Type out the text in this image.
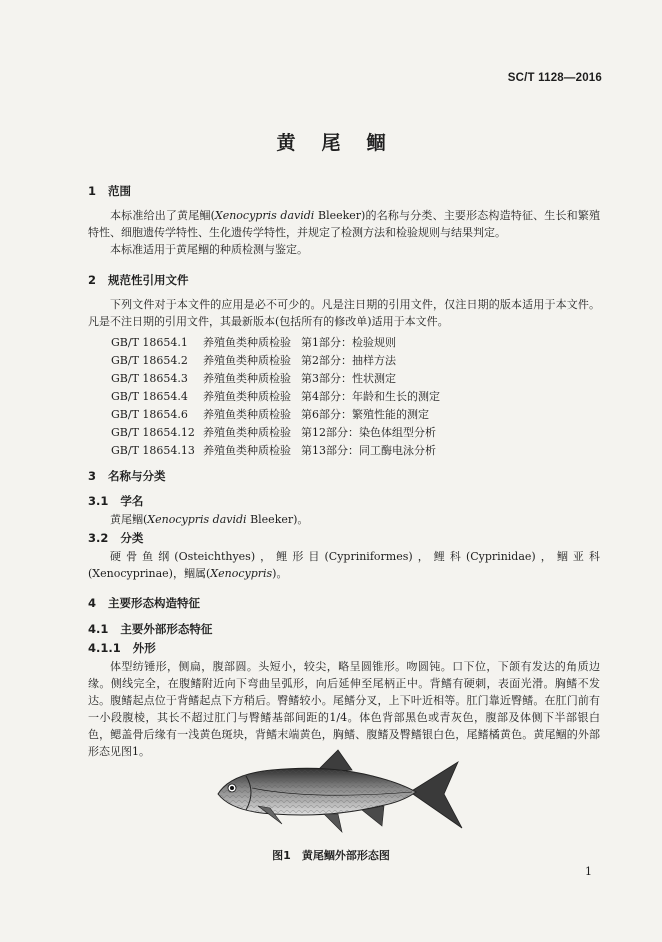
SC/T 1128—2016
黄尾鲴
1 范围
本标准给出了黄尾鲴(Xenocypris davidi Bleeker)的名称与分类、主要形态构造特征、生长和繁殖特性、细胞遗传学特性、生化遗传学特性，并规定了检测方法和检验规则与结果判定。
本标准适用于黄尾鲴的种质检测与鉴定。
2 规范性引用文件
下列文件对于本文件的应用是必不可少的。凡是注日期的引用文件，仅注日期的版本适用于本文件。凡是不注日期的引用文件，其最新版本(包括所有的修改单)适用于本文件。
GB/T 18654.1 养殖鱼类种质检验 第1部分：检验规则
GB/T 18654.2 养殖鱼类种质检验 第2部分：抽样方法
GB/T 18654.3 养殖鱼类种质检验 第3部分：性状测定
GB/T 18654.4 养殖鱼类种质检验 第4部分：年龄和生长的测定
GB/T 18654.6 养殖鱼类种质检验 第6部分：繁殖性能的测定
GB/T 18654.12 养殖鱼类种质检验 第12部分：染色体组型分析
GB/T 18654.13 养殖鱼类种质检验 第13部分：同工酶电泳分析
3 名称与分类
3.1 学名
黄尾鲴(Xenocypris davidi Bleeker)。
3.2 分类
硬骨鱼纲(Osteichthyes)，鲤形目(Cypriniformes)，鲤科(Cyprinidae)，鲴亚科(Xenocyprinae)，鲴属(Xenocypris)。
4 主要形态构造特征
4.1 主要外部形态特征
4.1.1 外形
体型纺锤形，侧扁，腹部圆。头短小，较尖，略呈圆锥形。吻圆钝。口下位，下颌有发达的角质边缘。侧线完全，在腹鳍附近向下弯曲呈弧形，向后延伸至尾柄正中。背鳍有硬刺，表面光滑。胸鳍不发达。腹鳍起点位于背鳍起点下方稍后。臀鳍较小。尾鳍分叉，上下叶近相等。肛门靠近臀鳍。在肛门前有一小段腹棱，其长不超过肛门与臀鳍基部间距的1/4。体色背部黑色或青灰色，腹部及体侧下半部银白色，鳃盖骨后缘有一浅黄色斑块，背鳍末端黄色，胸鳍、腹鳍及臀鳍银白色，尾鳍橘黄色。黄尾鲴的外部形态见图1。
图1　黄尾鲴外部形态图
1
